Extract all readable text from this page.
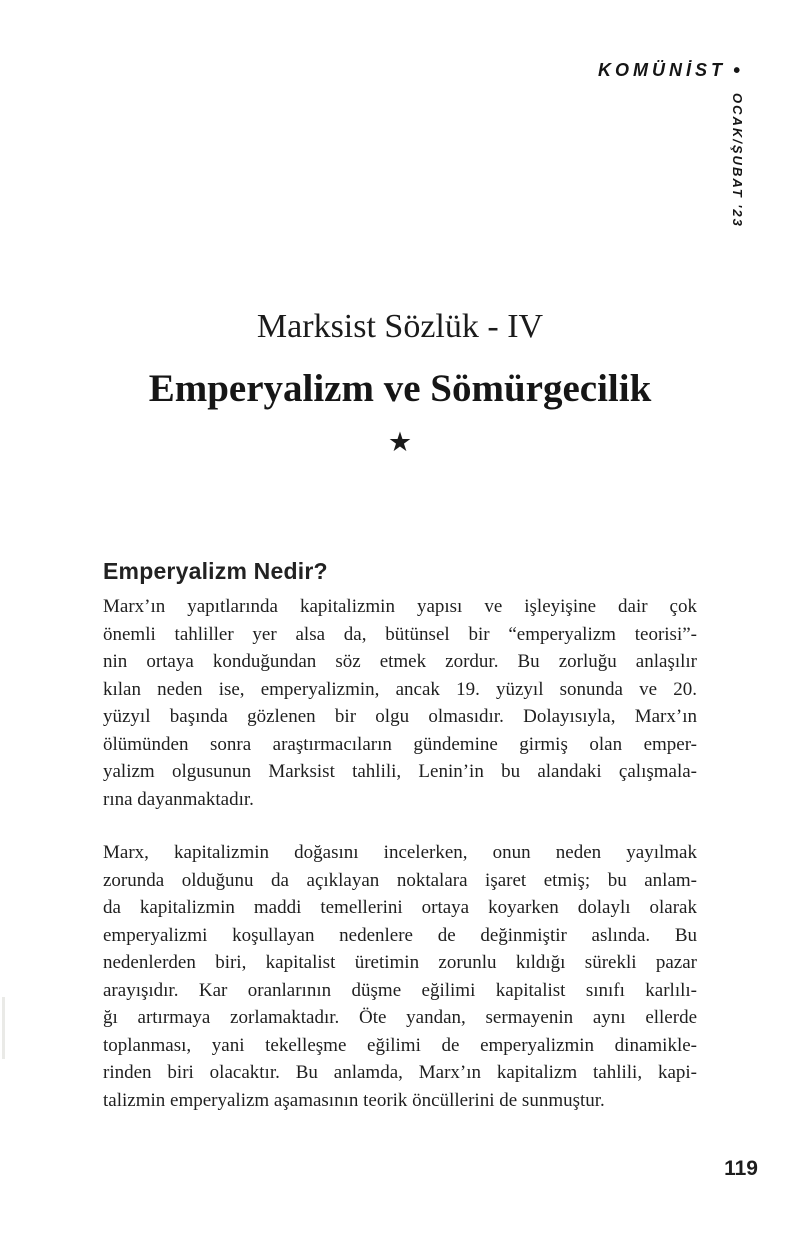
KOMÜNİST •
OCAK/ŞUBAT '23
Marksist Sözlük - IV
Emperyalizm ve Sömürgecilik
★
Emperyalizm Nedir?
Marx’ın yapıtlarında kapitalizmin yapısı ve işleyişine dair çok
önemli tahliller yer alsa da, bütünsel bir “emperyalizm teorisi”-
nin ortaya konduğundan söz etmek zordur. Bu zorluğu anlaşılır
kılan neden ise, emperyalizmin, ancak 19. yüzyıl sonunda ve 20.
yüzyıl başında gözlenen bir olgu olmasıdır. Dolayısıyla, Marx’ın
ölümünden sonra araştırmacıların gündemine girmiş olan emper-
yalizm olgusunun Marksist tahlili, Lenin’in bu alandaki çalışmala-
rına dayanmaktadır.
Marx, kapitalizmin doğasını incelerken, onun neden yayılmak
zorunda olduğunu da açıklayan noktalara işaret etmiş; bu anlam-
da kapitalizmin maddi temellerini ortaya koyarken dolaylı olarak
emperyalizmi koşullayan nedenlere de değinmiştir aslında. Bu
nedenlerden biri, kapitalist üretimin zorunlu kıldığı sürekli pazar
arayışıdır. Kar oranlarının düşme eğilimi kapitalist sınıfı karlılı-
ğı artırmaya zorlamaktadır. Öte yandan, sermayenin aynı ellerde
toplanması, yani tekelleşme eğilimi de emperyalizmin dinamikle-
rinden biri olacaktır. Bu anlamda, Marx’ın kapitalizm tahlili, kapi-
talizmin emperyalizm aşamasının teorik öncüllerini de sunmuştur.
119
